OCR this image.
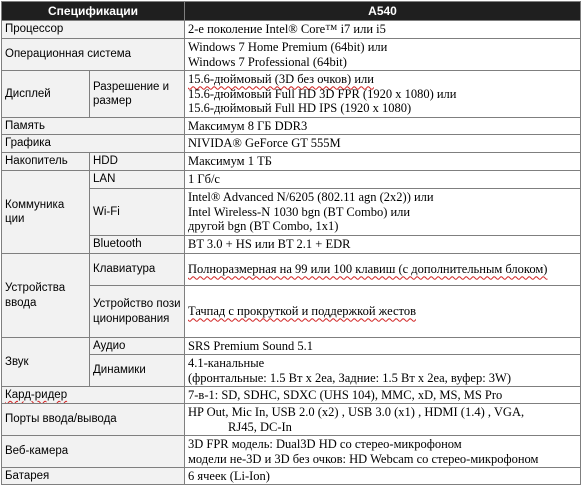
Спецификации		A540
Процессор		2-е поколение Intel® Core™ i7 или i5
Операционная система		Windows 7 Home Premium (64bit) или
Windows 7 Professional (64bit)

Дисплей	Разрешение и размер	15.6-дюймовый (3D без очков) или
15.6-дюймовый Full HD 3D FPR (1920 x 1080) или
15.6-дюймовый Full HD IPS (1920 x 1080)

Память		Максимум 8 ГБ DDR3
Графика		NIVIDA® GeForce GT 555M
Накопитель	HDD	Максимум 1 ТБ
Коммуника ции	LAN	1 Гб/с
	Wi-Fi	Intel® Advanced N/6205 (802.11 agn (2x2)) или
Intel Wireless-N 1030 bgn (BT Combo) или
другой bgn (BT Combo, 1x1)

	Bluetooth	BT 3.0 + HS или BT 2.1 + EDR
Устройства ввода	Клавиатура	Полноразмерная на 99 или 100 клавиш (с дополнительным блоком)
	Устройство позиционирования	Тачпад с прокруткой и поддержкой жестов
Звук	Аудио	SRS Premium Sound 5.1
	Динамики	4.1-канальные
(фронтальные: 1.5 Вт x 2ea, Задние: 1.5 Вт x 2ea, вуфер: 3W)

Кард-ридер		7-в-1: SD, SDHC, SDXC (UHS 104), MMC, xD, MS, MS Pro
Порты ввода/вывода		HP Out, Mic In, USB 2.0 (x2) , USB 3.0 (x1) , HDMI (1.4) , VGA,
RJ45, DC-In

Веб-камера		3D FPR модель: Dual3D HD со стерео-микрофоном
модели не-3D и 3D без очков: HD Webcam со стерео-микрофоном

Батарея		6 ячеек (Li-Ion)
